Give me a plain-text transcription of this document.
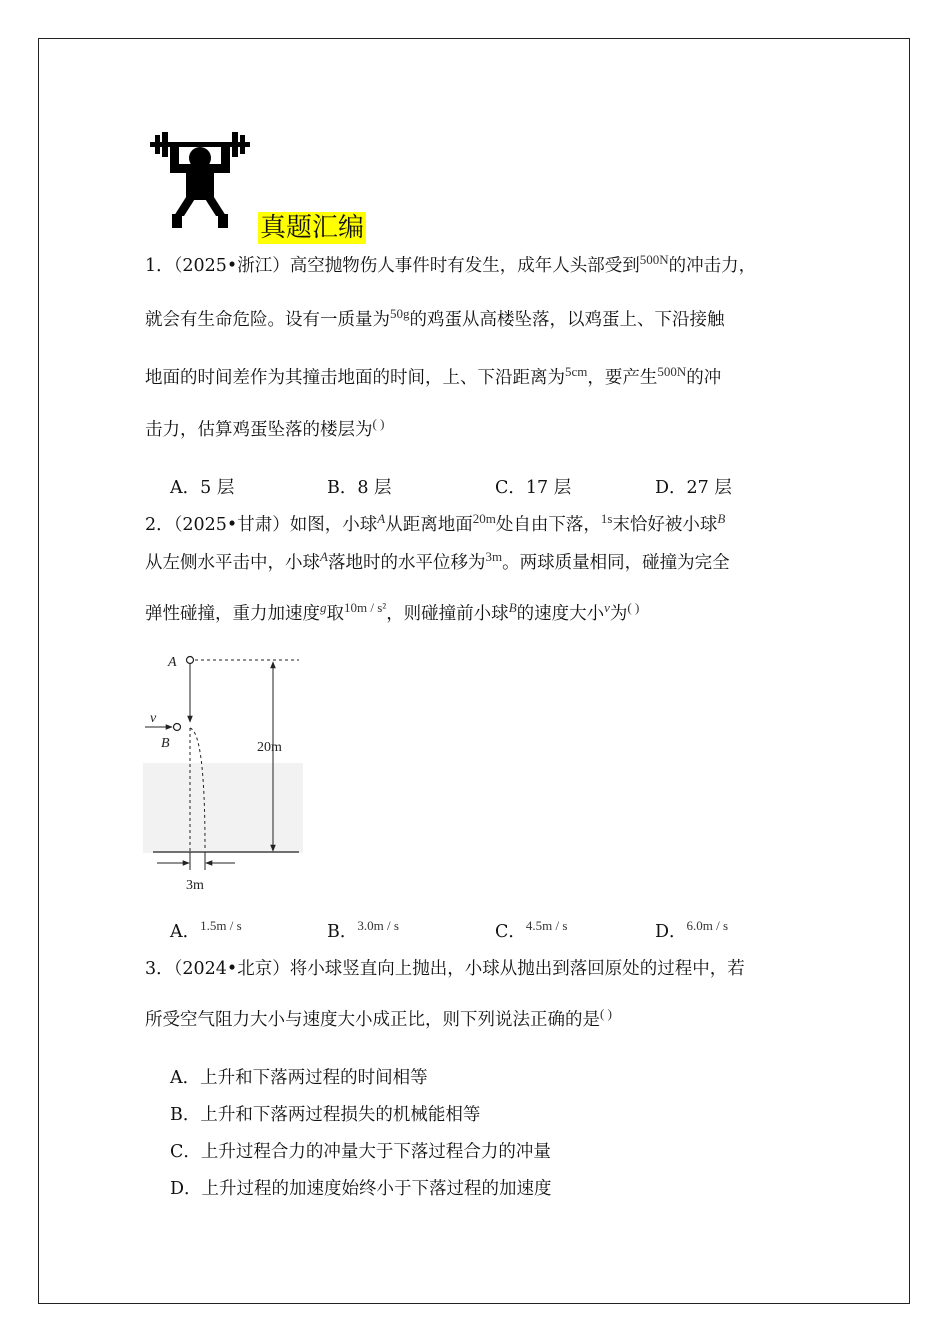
真题汇编
1．（2025•浙江）高空抛物伤人事件时有发生，成年人头部受到$^{500N}$的冲击力，
就会有生命危险。设有一质量为$^{50g}$的鸡蛋从高楼坠落，以鸡蛋上、下沿接触
地面的时间差作为其撞击地面的时间，上、下沿距离为$^{5cm}$，要产生$^{500N}$的冲
击力，估算鸡蛋坠落的楼层为( )
A．5 层	B．8 层	C．17 层	D．27 层
2．（2025•甘肃）如图，小球$^A$从距离地面$^{20m}$处自由下落，$^{1s}$末恰好被小球$^B$
从左侧水平击中，小球$^A$落地时的水平位移为$^{3m}$。两球质量相同，碰撞为完全
弹性碰撞，重力加速度$^g$取$^{10m / s^2}$，则碰撞前小球$^B$的速度大小$^v$为( )
A
v
B	20m
3m
A．$^{1.5m / s}$	B．$^{3.0m / s}$	C．$^{4.5m / s}$	D．$^{6.0m / s}$
3．（2024•北京）将小球竖直向上抛出，小球从抛出到落回原处的过程中，若
所受空气阻力大小与速度大小成正比，则下列说法正确的是( )
A．上升和下落两过程的时间相等
B．上升和下落两过程损失的机械能相等
C．上升过程合力的冲量大于下落过程合力的冲量
D．上升过程的加速度始终小于下落过程的加速度
